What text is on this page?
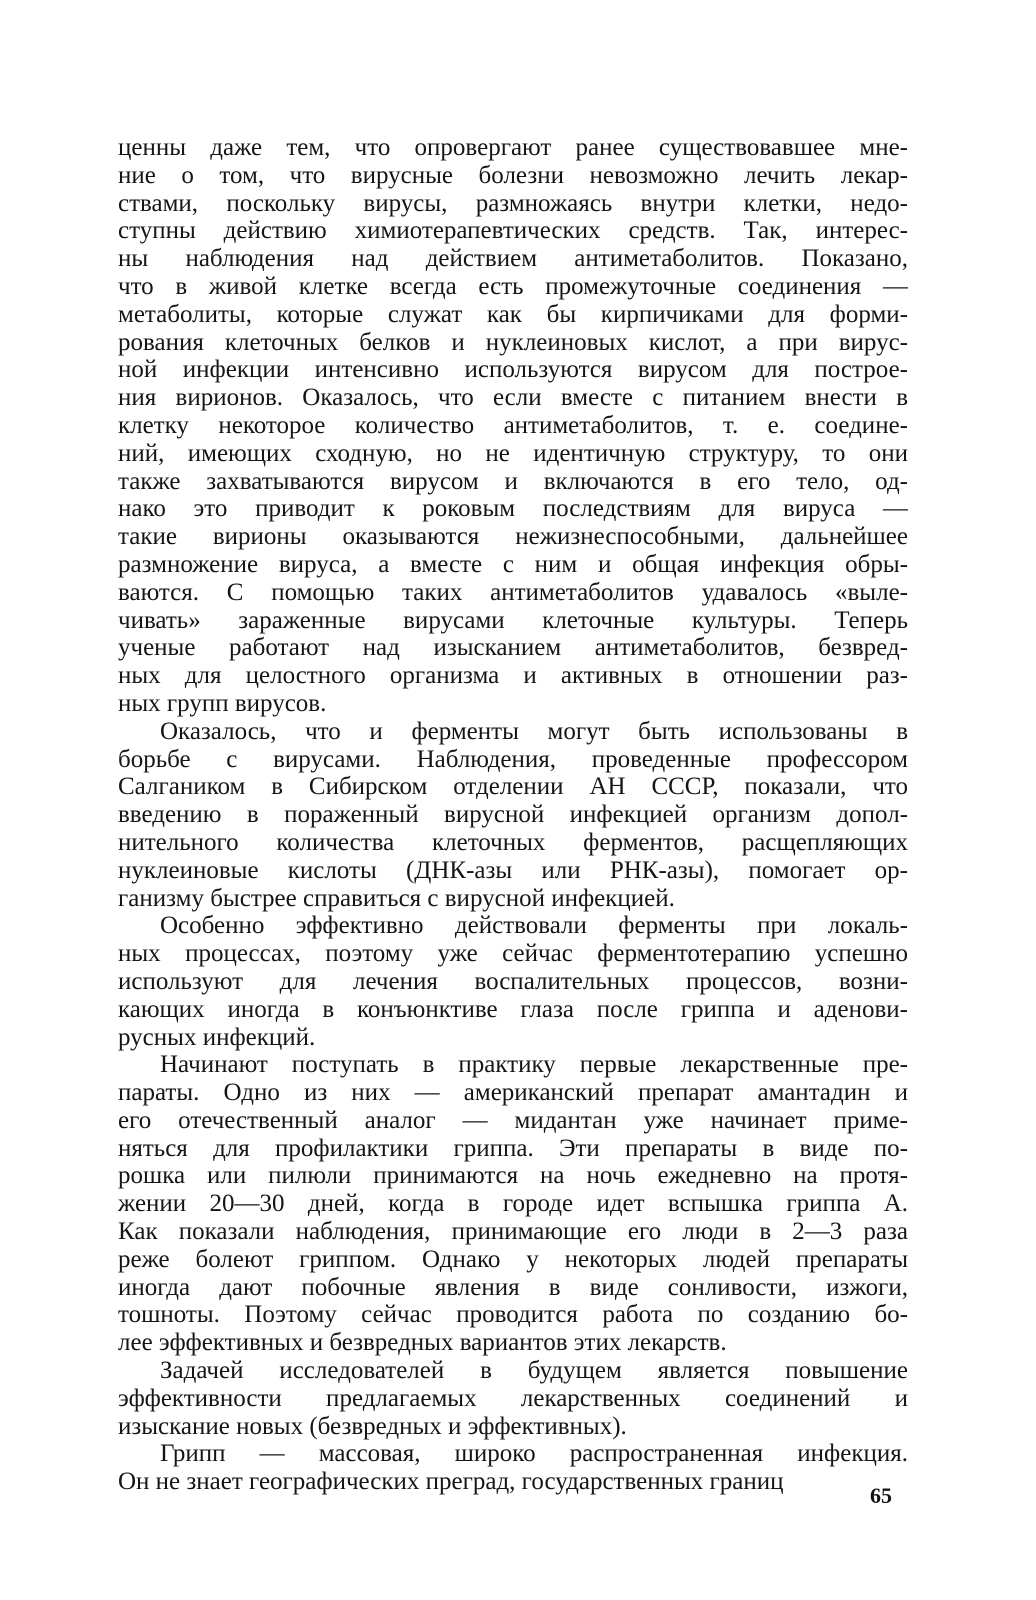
ценны даже тем, что опровергают ранее существовавшее мне-
ние о том, что вирусные болезни невозможно лечить лекар-
ствами, поскольку вирусы, размножаясь внутри клетки, недо-
ступны действию химиотерапевтических средств. Так, интерес-
ны наблюдения над действием антиметаболитов. Показано,
что в живой клетке всегда есть промежуточные соединения —
метаболиты, которые служат как бы кирпичиками для форми-
рования клеточных белков и нуклеиновых кислот, а при вирус-
ной инфекции интенсивно используются вирусом для построе-
ния вирионов. Оказалось, что если вместе с питанием внести в
клетку некоторое количество антиметаболитов, т. е. соедине-
ний, имеющих сходную, но не идентичную структуру, то они
также захватываются вирусом и включаются в его тело, од-
нако это приводит к роковым последствиям для вируса —
такие вирионы оказываются нежизнеспособными, дальнейшее
размножение вируса, а вместе с ним и общая инфекция обры-
ваются. С помощью таких антиметаболитов удавалось «выле-
чивать» зараженные вирусами клеточные культуры. Теперь
ученые работают над изысканием антиметаболитов, безвред-
ных для целостного организма и активных в отношении раз-
ных групп вирусов.
Оказалось, что и ферменты могут быть использованы в
борьбе с вирусами. Наблюдения, проведенные профессором
Салгаником в Сибирском отделении АН СССР, показали, что
введению в пораженный вирусной инфекцией организм допол-
нительного количества клеточных ферментов, расщепляющих
нуклеиновые кислоты (ДНК-азы или РНК-азы), помогает ор-
ганизму быстрее справиться с вирусной инфекцией.
Особенно эффективно действовали ферменты при локаль-
ных процессах, поэтому уже сейчас ферментотерапию успешно
используют для лечения воспалительных процессов, возни-
кающих иногда в конъюнктиве глаза после гриппа и аденови-
русных инфекций.
Начинают поступать в практику первые лекарственные пре-
параты. Одно из них — американский препарат амантадин и
его отечественный аналог — мидантан уже начинает приме-
няться для профилактики гриппа. Эти препараты в виде по-
рошка или пилюли принимаются на ночь ежедневно на протя-
жении 20—30 дней, когда в городе идет вспышка гриппа А.
Как показали наблюдения, принимающие его люди в 2—3 раза
реже болеют гриппом. Однако у некоторых людей препараты
иногда дают побочные явления в виде сонливости, изжоги,
тошноты. Поэтому сейчас проводится работа по созданию бо-
лее эффективных и безвредных вариантов этих лекарств.
Задачей исследователей в будущем является повышение
эффективности предлагаемых лекарственных соединений и
изыскание новых (безвредных и эффективных).
Грипп — массовая, широко распространенная инфекция.
Он не знает географических преград, государственных границ
65
